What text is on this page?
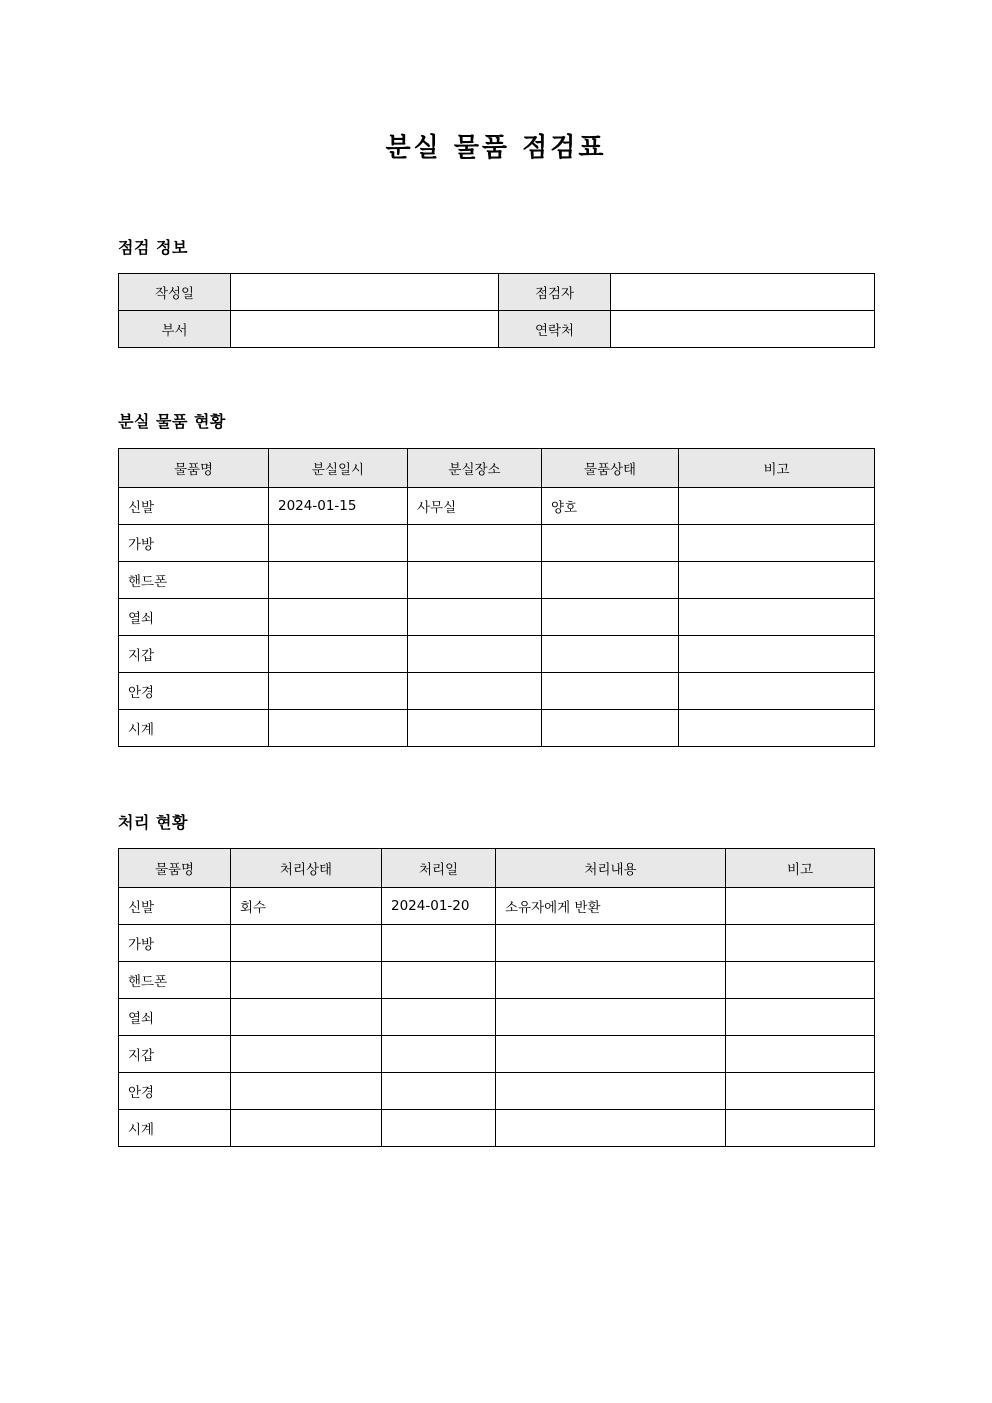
분실 물품 점검표
점검 정보
작성일		점검자	
부서		연락처	
분실 물품 현황
물품명	분실일시	분실장소	물품상태	비고
신발	2024-01-15	사무실	양호	
가방				
핸드폰				
열쇠				
지갑				
안경				
시계				
처리 현황
물품명	처리상태	처리일	처리내용	비고
신발	회수	2024-01-20	소유자에게 반환	
가방				
핸드폰				
열쇠				
지갑				
안경				
시계				
